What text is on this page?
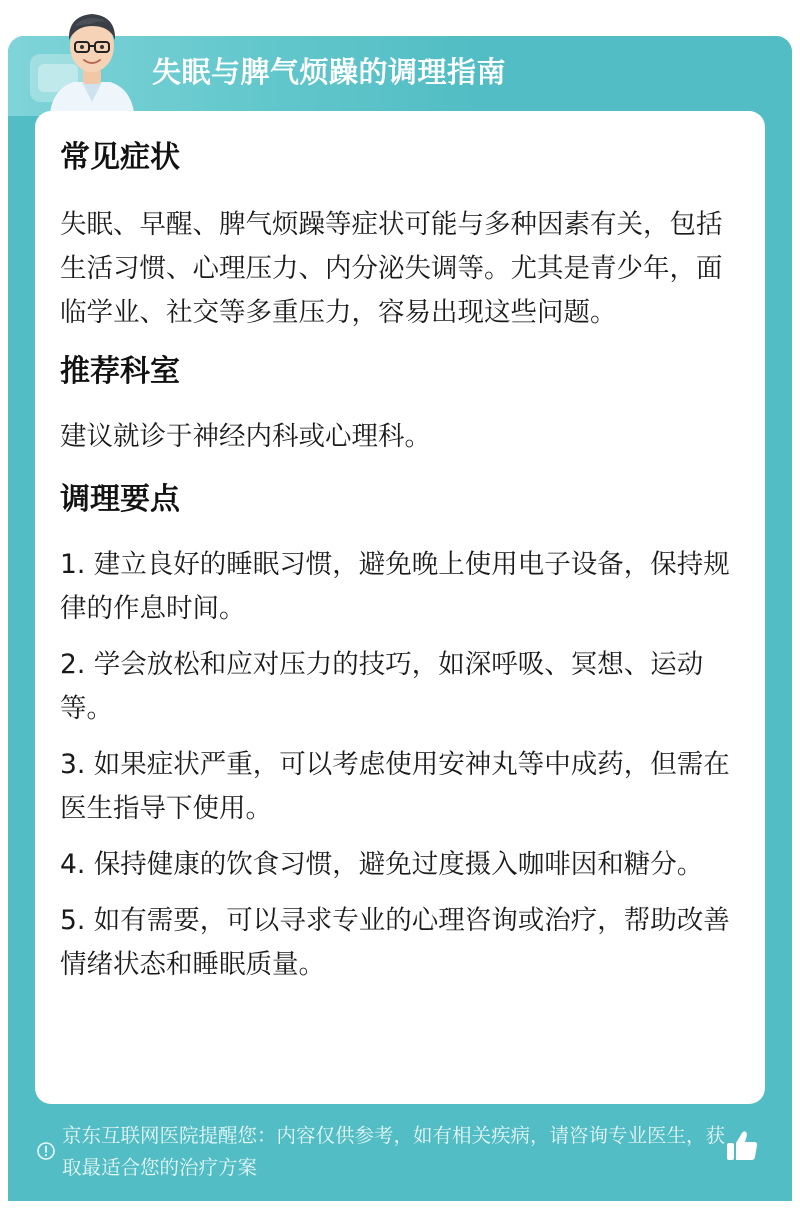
失眠与脾气烦躁的调理指南
常见症状

失眠、早醒、脾气烦躁等症状可能与多种因素有关，包括生活习惯、心理压力、内分泌失调等。尤其是青少年，面临学业、社交等多重压力，容易出现这些问题。

推荐科室

建议就诊于神经内科或心理科。

调理要点

1. 建立良好的睡眠习惯，避免晚上使用电子设备，保持规律的作息时间。

2. 学会放松和应对压力的技巧，如深呼吸、冥想、运动等。

3. 如果症状严重，可以考虑使用安神丸等中成药，但需在医生指导下使用。

4. 保持健康的饮食习惯，避免过度摄入咖啡因和糖分。

5. 如有需要，可以寻求专业的心理咨询或治疗，帮助改善情绪状态和睡眠质量。

京东互联网医院提醒您：内容仅供参考，如有相关疾病，请咨询专业医生，获取最适合您的治疗方案
